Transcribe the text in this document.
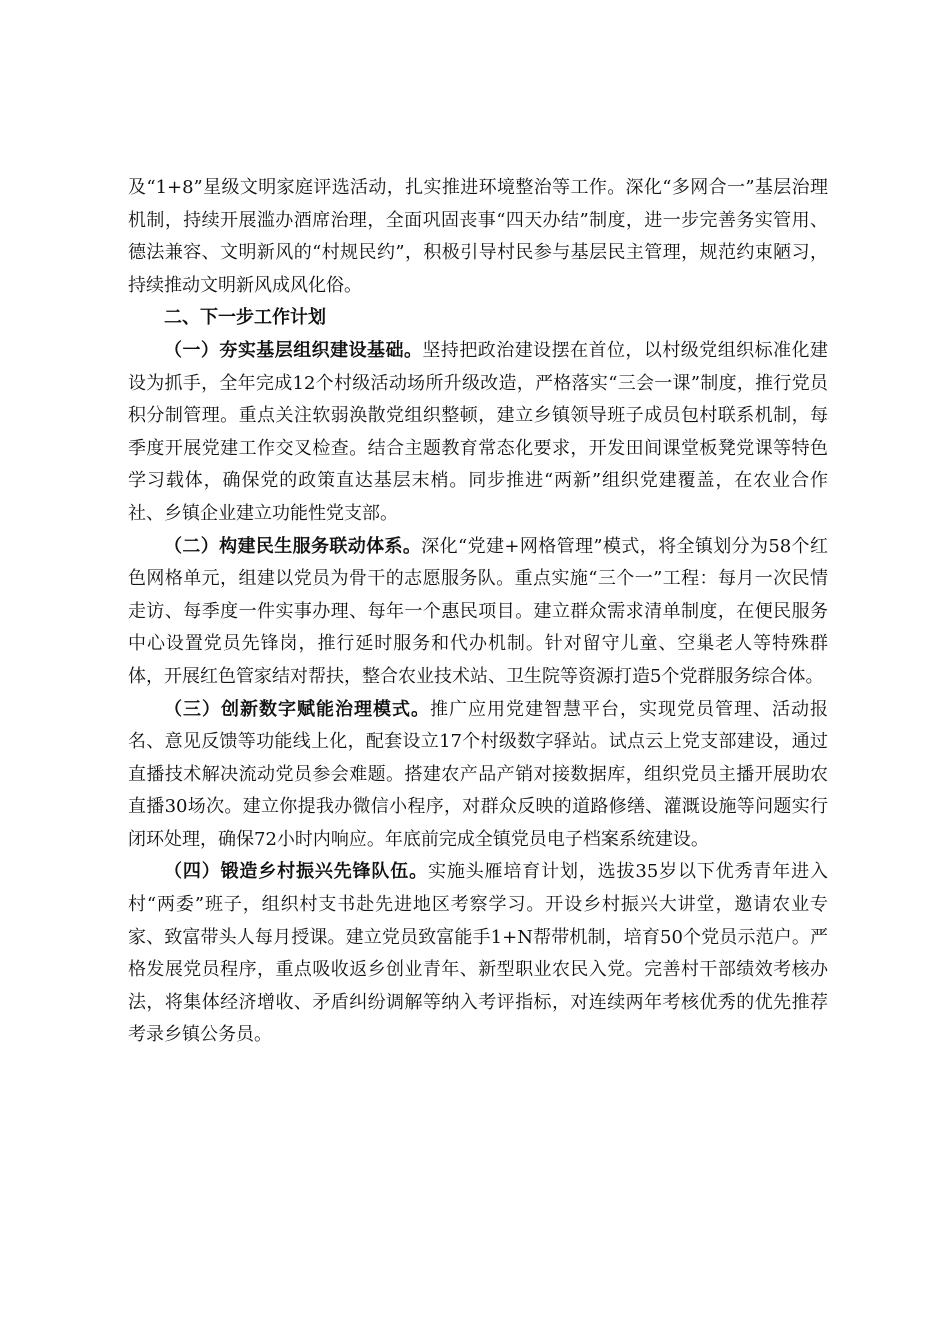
及“1+8”星级文明家庭评选活动，扎实推进环境整治等工作。深化“多网合一”基层治理机制，持续开展滥办酒席治理，全面巩固丧事“四天办结”制度，进一步完善务实管用、德法兼容、文明新风的“村规民约”，积极引导村民参与基层民主管理，规范约束陋习，持续推动文明新风成风化俗。

二、下一步工作计划

（一）夯实基层组织建设基础。坚持把政治建设摆在首位，以村级党组织标准化建设为抓手，全年完成12个村级活动场所升级改造，严格落实“三会一课”制度，推行党员积分制管理。重点关注软弱涣散党组织整顿，建立乡镇领导班子成员包村联系机制，每季度开展党建工作交叉检查。结合主题教育常态化要求，开发田间课堂板凳党课等特色学习载体，确保党的政策直达基层末梢。同步推进“两新”组织党建覆盖，在农业合作社、乡镇企业建立功能性党支部。

（二）构建民生服务联动体系。深化“党建+网格管理”模式，将全镇划分为58个红色网格单元，组建以党员为骨干的志愿服务队。重点实施“三个一”工程：每月一次民情走访、每季度一件实事办理、每年一个惠民项目。建立群众需求清单制度，在便民服务中心设置党员先锋岗，推行延时服务和代办机制。针对留守儿童、空巢老人等特殊群体，开展红色管家结对帮扶，整合农业技术站、卫生院等资源打造5个党群服务综合体。

（三）创新数字赋能治理模式。推广应用党建智慧平台，实现党员管理、活动报名、意见反馈等功能线上化，配套设立17个村级数字驿站。试点云上党支部建设，通过直播技术解决流动党员参会难题。搭建农产品产销对接数据库，组织党员主播开展助农直播30场次。建立你提我办微信小程序，对群众反映的道路修缮、灌溉设施等问题实行闭环处理，确保72小时内响应。年底前完成全镇党员电子档案系统建设。

（四）锻造乡村振兴先锋队伍。实施头雁培育计划，选拔35岁以下优秀青年进入村“两委”班子，组织村支书赴先进地区考察学习。开设乡村振兴大讲堂，邀请农业专家、致富带头人每月授课。建立党员致富能手1+N帮带机制，培育50个党员示范户。严格发展党员程序，重点吸收返乡创业青年、新型职业农民入党。完善村干部绩效考核办法，将集体经济增收、矛盾纠纷调解等纳入考评指标，对连续两年考核优秀的优先推荐考录乡镇公务员。
